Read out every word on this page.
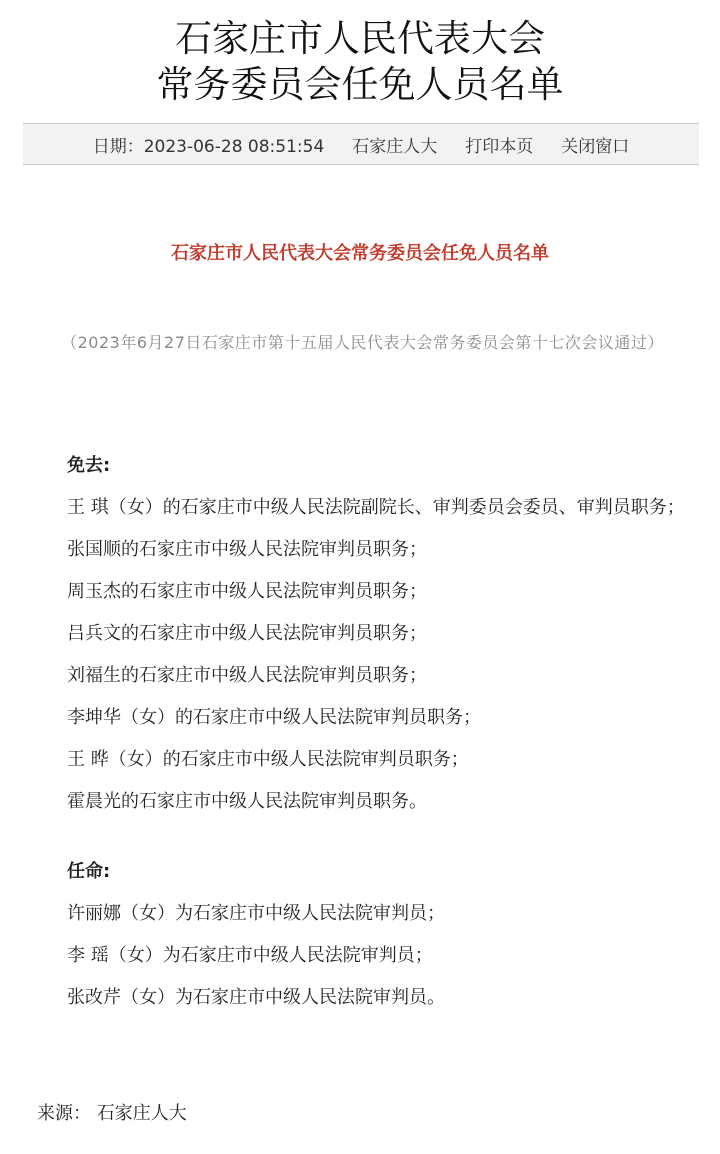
石家庄市人民代表大会
常务委员会任免人员名单
日期：2023-06-28 08:51:54 石家庄人大 打印本页 关闭窗口
石家庄市人民代表大会常务委员会任免人员名单

（2023年6月27日石家庄市第十五届人民代表大会常务委员会第十七次会议通过）

免去:

王 琪（女）的石家庄市中级人民法院副院长、审判委员会委员、审判员职务；

张国顺的石家庄市中级人民法院审判员职务；

周玉杰的石家庄市中级人民法院审判员职务；

吕兵文的石家庄市中级人民法院审判员职务；

刘福生的石家庄市中级人民法院审判员职务；

李坤华（女）的石家庄市中级人民法院审判员职务；

王 晔（女）的石家庄市中级人民法院审判员职务；

霍晨光的石家庄市中级人民法院审判员职务。

任命:

许丽娜（女）为石家庄市中级人民法院审判员；

李 瑶（女）为石家庄市中级人民法院审判员；

张改芹（女）为石家庄市中级人民法院审判员。

来源： 石家庄人大
